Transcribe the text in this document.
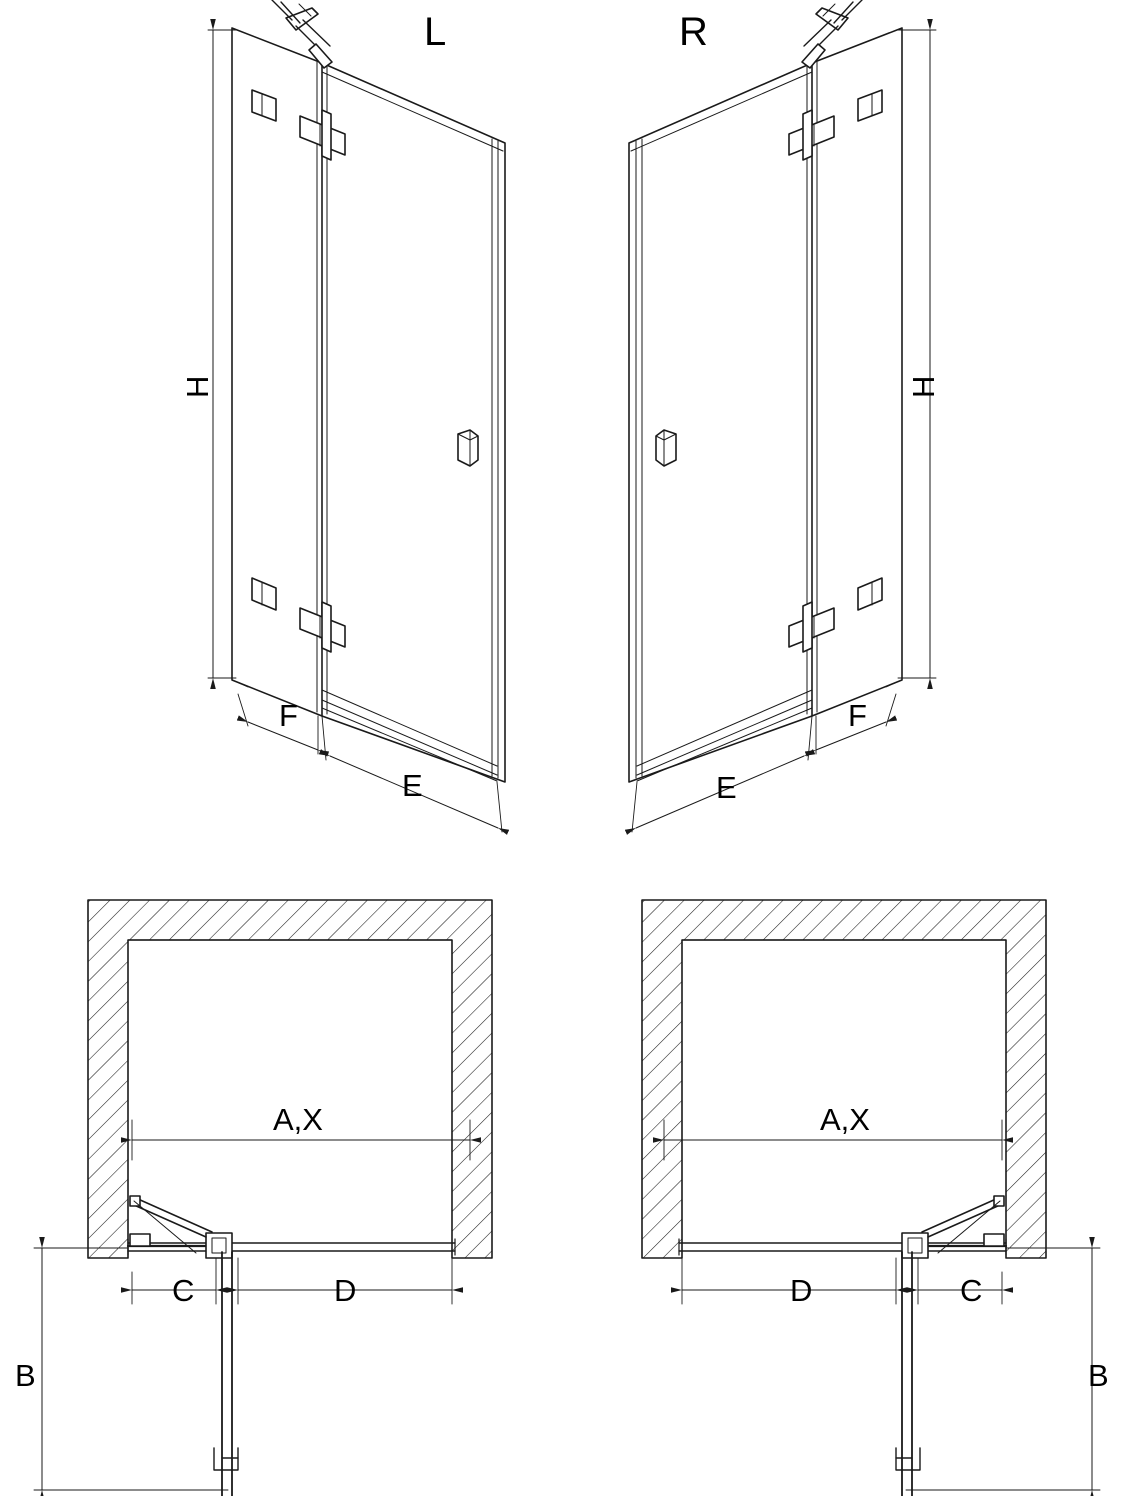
L	R
H
F
E
H
F
E
A,X
C	D
B
A,X
C
D
B
